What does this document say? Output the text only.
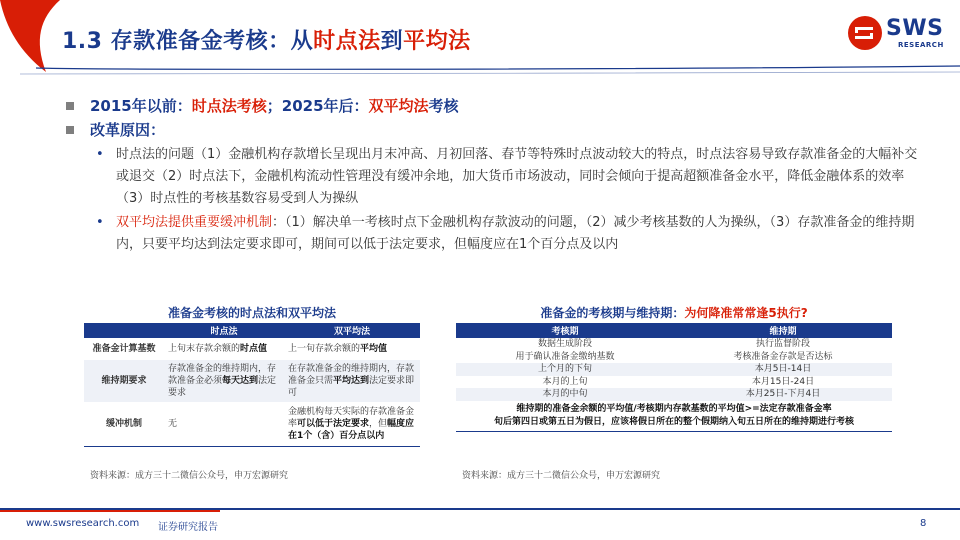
1.3 存款准备金考核：从时点法到平均法
SWS
RESEARCH
2015年以前：时点法考核；2025年后：双平均法考核
改革原因：
• 时点法的问题（1）金融机构存款增长呈现出月末冲高、月初回落、春节等特殊时点波动较大的特点，时点法容易导致存款准备金的大幅补交或退交（2）时点法下，金融机构流动性管理没有缓冲余地，加大货币市场波动，同时会倾向于提高超额准备金水平，降低金融体系的效率（3）时点性的考核基数容易受到人为操纵
• 双平均法提供重要缓冲机制：（1）解决单一考核时点下金融机构存款波动的问题，（2）减少考核基数的人为操纵，（3）存款准备金的维持期内，只要平均达到法定要求即可，期间可以低于法定要求，但幅度应在1个百分点及以内
准备金考核的时点法和双平均法
	时点法	双平均法
准备金计算基数	上旬末存款余额的时点值	上一旬存款余额的平均值
维持期要求	存款准备金的维持期内，存款准备金必须每天达到法定要求	在存款准备金的维持期内，存款准备金只需平均达到法定要求即可
缓冲机制	无	金融机构每天实际的存款准备金率可以低于法定要求，但幅度应在1个（含）百分点以内
资料来源：成方三十二微信公众号，申万宏源研究
准备金的考核期与维持期：为何降准常常逢5执行?
考核期	维持期
数据生成阶段	执行监督阶段
用于确认准备金缴纳基数	考核准备金存款是否达标
上个月的下旬	本月5日-14日
本月的上旬	本月15日-24日
本月的中旬	本月25日-下月4日

维持期的准备金余额的平均值/考核期内存款基数的平均值>=法定存款准备金率
旬后第四日或第五日为假日，应该将假日所在的整个假期纳入旬五日所在的维持期进行考核	
资料来源：成方三十二微信公众号，申万宏源研究
www.swsresearch.com 证券研究报告	8
